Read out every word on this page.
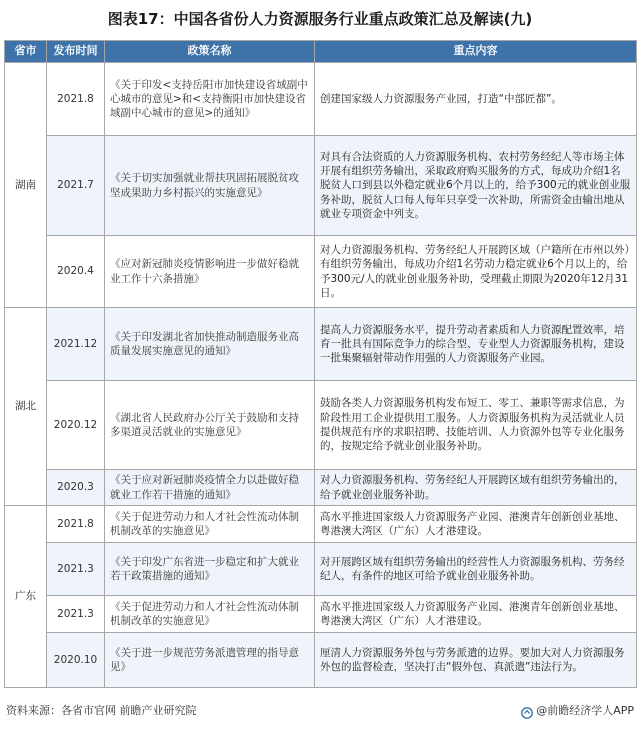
图表17：中国各省份人力资源服务行业重点政策汇总及解读(九)
省市	发布时间	政策名称	重点内容
湖南	2021.8	《关于印发<支持岳阳市加快建设省域副中心城市的意见>和<支持衡阳市加快建设省域副中心城市的意见>的通知》	创建国家级人力资源服务产业园，打造“中部匠都”。
	2021.7	《关于切实加强就业帮扶巩固拓展脱贫攻坚成果助力乡村振兴的实施意见》	对具有合法资质的人力资源服务机构、农村劳务经纪人等市场主体开展有组织劳务输出，采取政府购买服务的方式，每成功介绍1名脱贫人口到县以外稳定就业6个月以上的，给予300元的就业创业服务补助，脱贫人口每人每年只享受一次补助，所需资金由输出地从就业专项资金中列支。
	2020.4	《应对新冠肺炎疫情影响进一步做好稳就业工作十六条措施》	对人力资源服务机构、劳务经纪人开展跨区域（户籍所在市州以外）有组织劳务输出，每成功介绍1名劳动力稳定就业6个月以上的，给予300元/人的就业创业服务补助，受理截止期限为2020年12月31日。
湖北	2021.12	《关于印发湖北省加快推动制造服务业高质量发展实施意见的通知》	提高人力资源服务水平，提升劳动者素质和人力资源配置效率，培育一批具有国际竞争力的综合型、专业型人力资源服务机构，建设一批集聚辐射带动作用强的人力资源服务产业园。
	2020.12	《湖北省人民政府办公厅关于鼓励和支持多渠道灵活就业的实施意见》	鼓励各类人力资源服务机构发布短工、零工、兼职等需求信息，为阶段性用工企业提供用工服务。人力资源服务机构为灵活就业人员提供规范有序的求职招聘、技能培训、人力资源外包等专业化服务的，按规定给予就业创业服务补助。
	2020.3	《关于应对新冠肺炎疫情全力以赴做好稳就业工作若干措施的通知》	对人力资源服务机构、劳务经纪人开展跨区域有组织劳务输出的，给予就业创业服务补助。
广东	2021.8	《关于促进劳动力和人才社会性流动体制机制改革的实施意见》	高水平推进国家级人力资源服务产业园、港澳青年创新创业基地、粤港澳大湾区（广东）人才港建设。
	2021.3	《关于印发广东省进一步稳定和扩大就业若干政策措施的通知》	对开展跨区域有组织劳务输出的经营性人力资源服务机构、劳务经纪人，有条件的地区可给予就业创业服务补助。
	2021.3	《关于促进劳动力和人才社会性流动体制机制改革的实施意见》	高水平推进国家级人力资源服务产业园、港澳青年创新创业基地、粤港澳大湾区（广东）人才港建设。
	2020.10	《关于进一步规范劳务派遣管理的指导意见》	厘清人力资源服务外包与劳务派遣的边界。要加大对人力资源服务外包的监督检查，坚决打击“假外包、真派遣”违法行为。
资料来源：各省市官网 前瞻产业研究院	@前瞻经济学人APP
